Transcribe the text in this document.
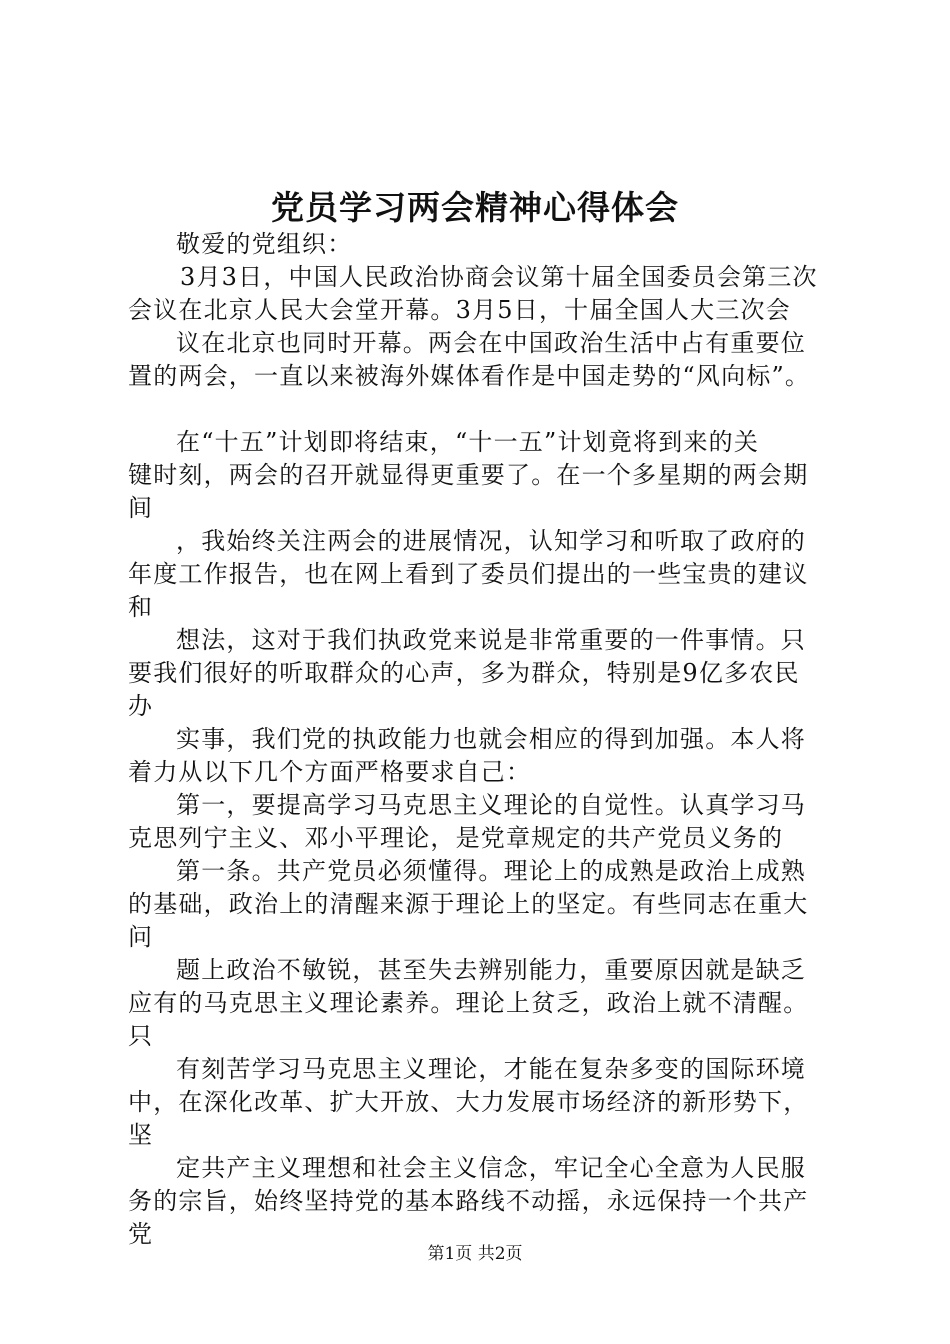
党员学习两会精神心得体会
敬爱的党组织：
3月3日，中国人民政治协商会议第十届全国委员会第三次
会议在北京人民大会堂开幕。3月5日，十届全国人大三次会
议在北京也同时开幕。两会在中国政治生活中占有重要位
置的两会，一直以来被海外媒体看作是中国走势的“风向标”。
在“十五”计划即将结束，“十一五”计划竟将到来的关
键时刻，两会的召开就显得更重要了。在一个多星期的两会期
间
，我始终关注两会的进展情况，认知学习和听取了政府的
年度工作报告，也在网上看到了委员们提出的一些宝贵的建议
和
想法，这对于我们执政党来说是非常重要的一件事情。只
要我们很好的听取群众的心声，多为群众，特别是9亿多农民
办
实事，我们党的执政能力也就会相应的得到加强。本人将
着力从以下几个方面严格要求自己：
第一，要提高学习马克思主义理论的自觉性。认真学习马
克思列宁主义、邓小平理论，是党章规定的共产党员义务的
第一条。共产党员必须懂得。理论上的成熟是政治上成熟
的基础，政治上的清醒来源于理论上的坚定。有些同志在重大
问
题上政治不敏锐，甚至失去辨别能力，重要原因就是缺乏
应有的马克思主义理论素养。理论上贫乏，政治上就不清醒。
只
有刻苦学习马克思主义理论，才能在复杂多变的国际环境
中，在深化改革、扩大开放、大力发展市场经济的新形势下，
坚
定共产主义理想和社会主义信念，牢记全心全意为人民服
务的宗旨，始终坚持党的基本路线不动摇，永远保持一个共产
党
第1页 共2页
